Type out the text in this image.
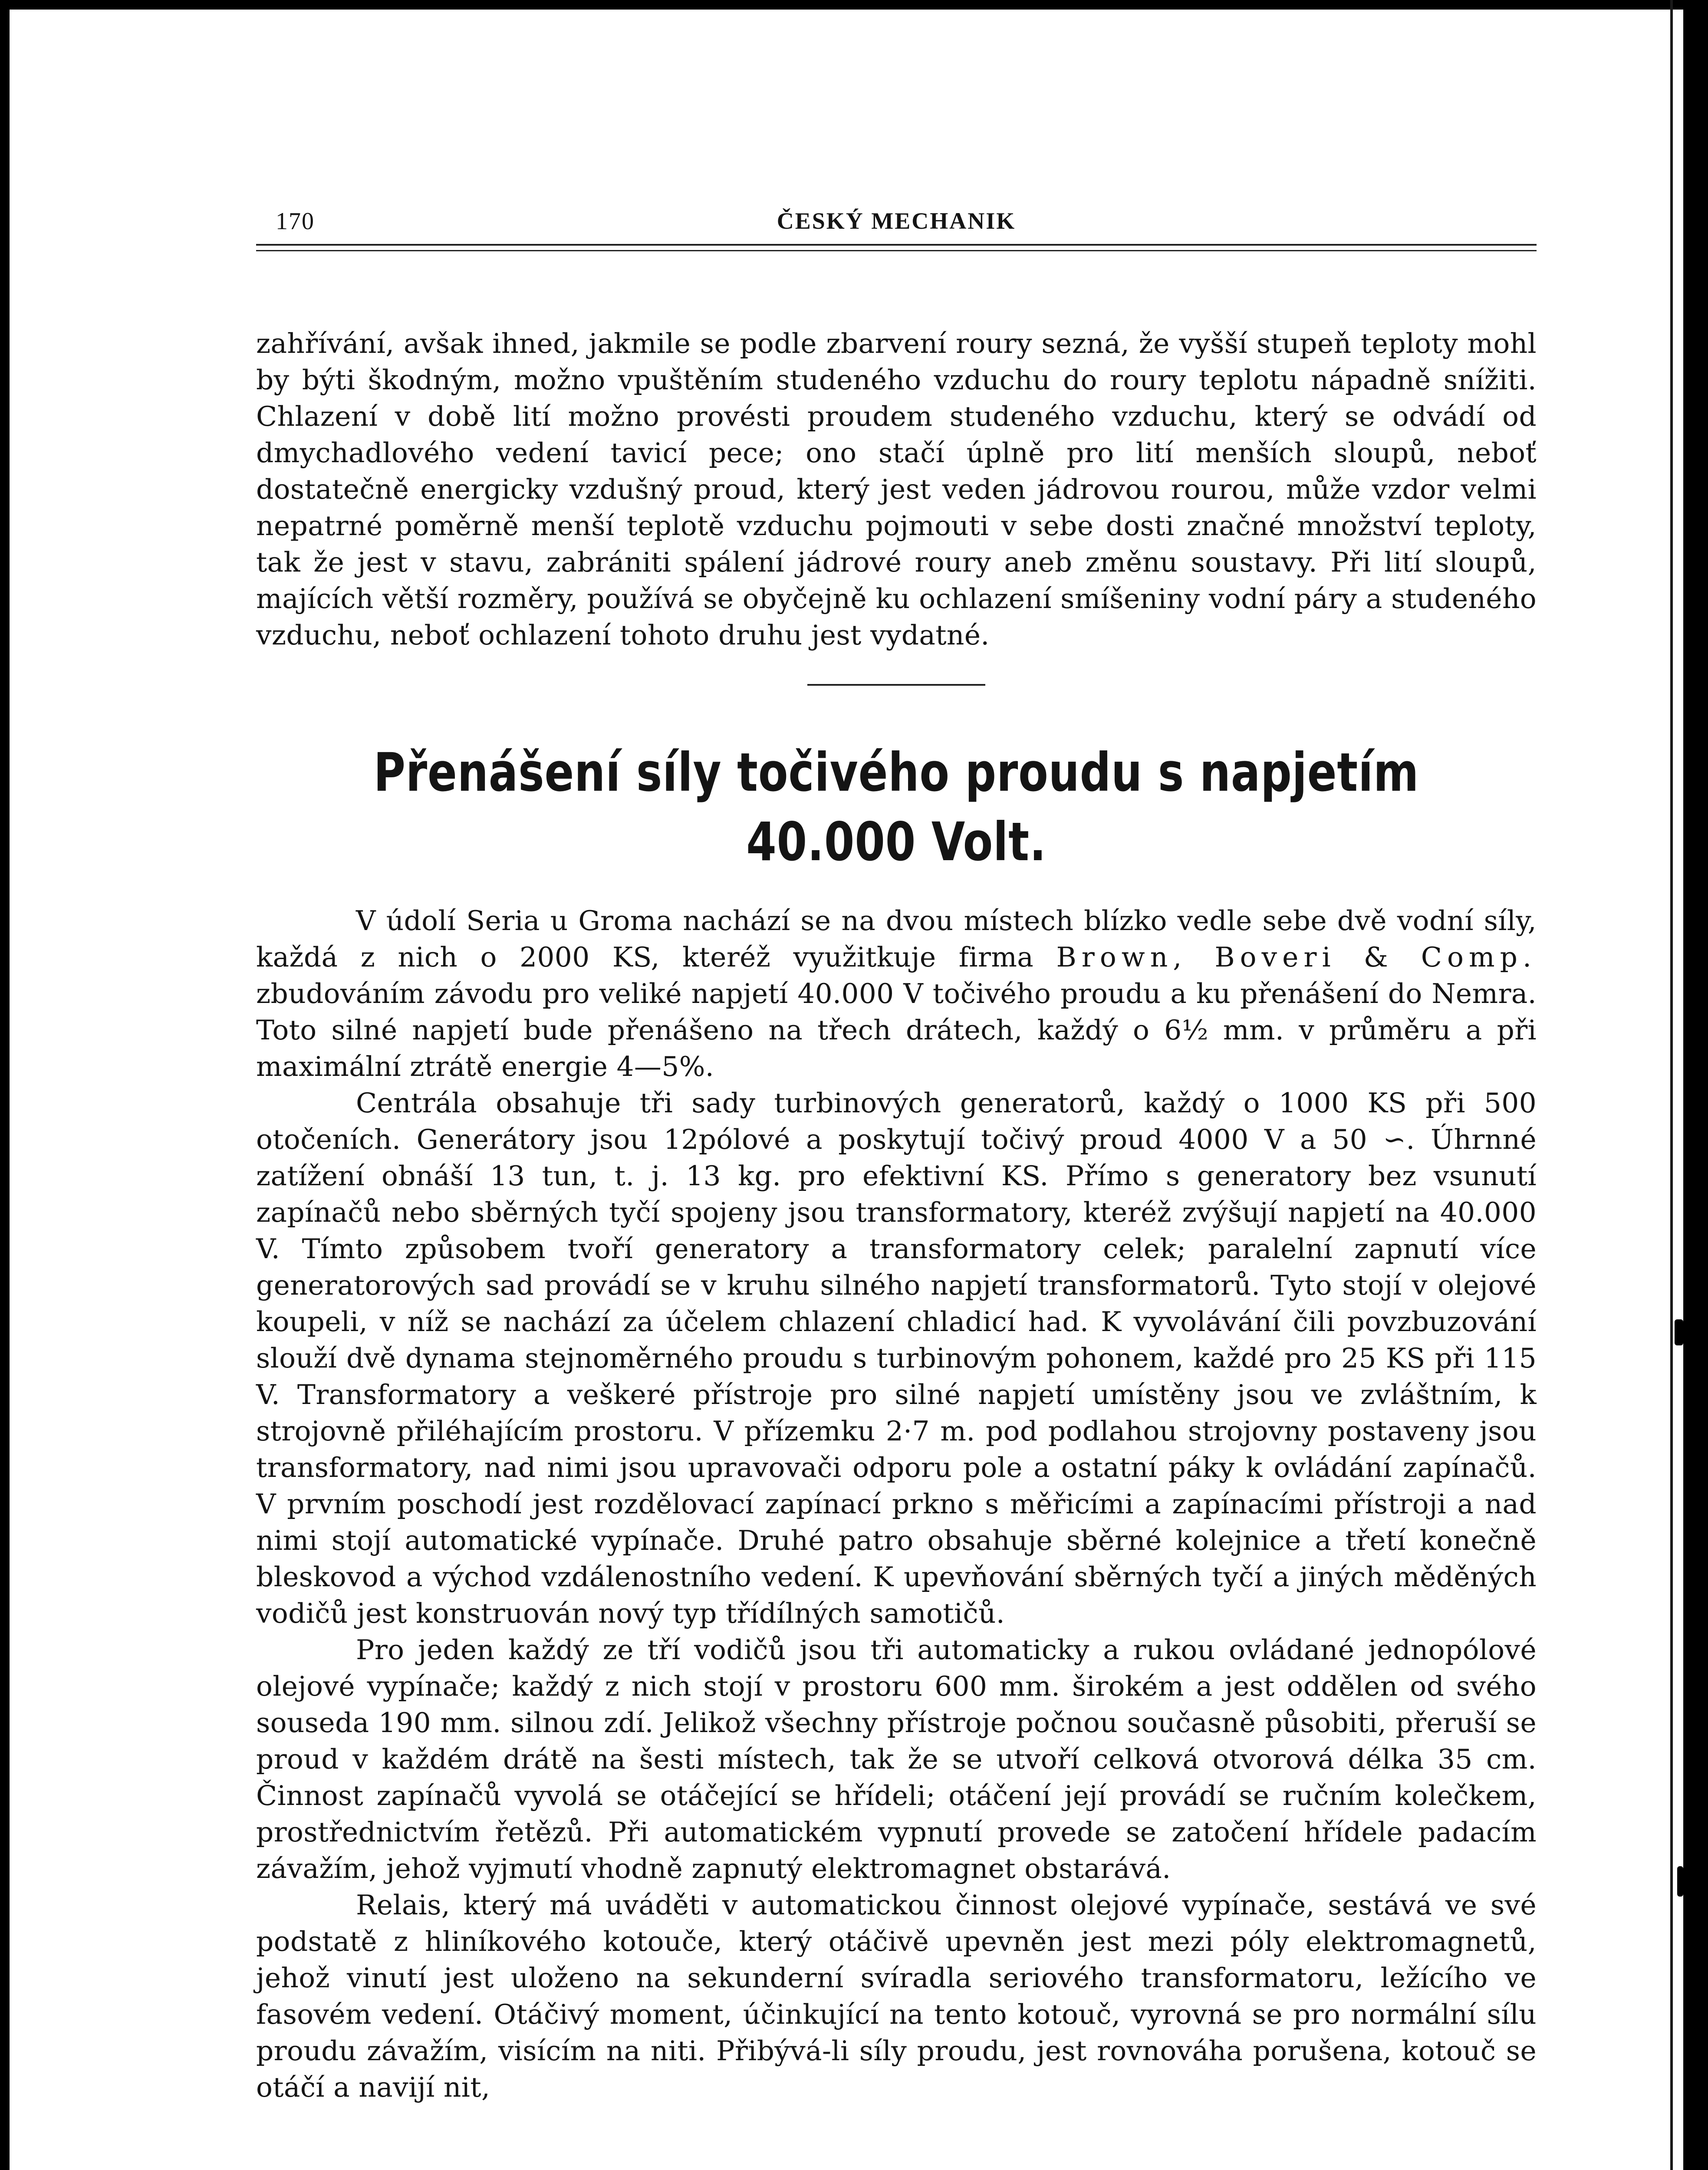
170	ČESKÝ MECHANIK

zahřívání, avšak ihned, jakmile se podle zbarvení roury sezná, že vyšší stupeň teploty mohl by býti škodným, možno vpuštěním studeného vzduchu do roury teplotu nápadně snížiti. Chlazení v době lití možno provésti proudem studeného vzduchu, který se odvádí od dmychadlového vedení tavicí pece; ono stačí úplně pro lití menších sloupů, neboť dostatečně energicky vzdušný proud, který jest veden jádrovou rourou, může vzdor velmi nepatrné poměrně menší teplotě vzduchu pojmouti v sebe dosti značné množství teploty, tak že jest v stavu, zabrániti spálení jádrové roury aneb změnu soustavy. Při lití sloupů, majících větší rozměry, používá se obyčejně ku ochlazení smíšeniny vodní páry a studeného vzduchu, neboť ochlazení tohoto druhu jest vydatné.

Přenášení síly točivého proudu s napjetím
40.000 Volt.

V údolí Seria u Groma nachází se na dvou místech blízko vedle sebe dvě vodní síly, každá z nich o 2000 KS, kteréž využitkuje firma Brown, Boveri & Comp. zbudováním závodu pro veliké napjetí 40.000 V točivého proudu a ku přenášení do Nemra. Toto silné napjetí bude přenášeno na třech drátech, každý o 6½ mm. v průměru a při maximální ztrátě energie 4—5%.

Centrála obsahuje tři sady turbinových generatorů, každý o 1000 KS při 500 otočeních. Generátory jsou 12pólové a poskytují točivý proud 4000 V a 50 ∽. Úhrnné zatížení obnáší 13 tun, t. j. 13 kg. pro efektivní KS. Přímo s generatory bez vsunutí zapínačů nebo sběrných tyčí spojeny jsou transformatory, kteréž zvýšují napjetí na 40.000 V. Tímto způsobem tvoří generatory a transformatory celek; paralelní zapnutí více generatorových sad provádí se v kruhu silného napjetí transformatorů. Tyto stojí v olejové koupeli, v níž se nachází za účelem chlazení chladicí had. K vyvolávání čili povzbuzování slouží dvě dynama stejnoměrného proudu s turbinovým pohonem, každé pro 25 KS při 115 V. Transformatory a veškeré přístroje pro silné napjetí umístěny jsou ve zvláštním, k strojovně přiléhajícím prostoru. V přízemku 2·7 m. pod podlahou strojovny postaveny jsou transformatory, nad nimi jsou upravovači odporu pole a ostatní páky k ovládání zapínačů. V prvním poschodí jest rozdělovací zapínací prkno s měřicími a zapínacími přístroji a nad nimi stojí automatické vypínače. Druhé patro obsahuje sběrné kolejnice a třetí konečně bleskovod a východ vzdálenostního vedení. K upevňování sběrných tyčí a jiných měděných vodičů jest konstruován nový typ třídílných samotičů.

Pro jeden každý ze tří vodičů jsou tři automaticky a rukou ovládané jednopólové olejové vypínače; každý z nich stojí v prostoru 600 mm. širokém a jest oddělen od svého souseda 190 mm. silnou zdí. Jelikož všechny přístroje počnou současně působiti, přeruší se proud v každém drátě na šesti místech, tak že se utvoří celková otvorová délka 35 cm. Činnost zapínačů vyvolá se otáčející se hřídeli; otáčení její provádí se ručním kolečkem, prostřednictvím řetězů. Při automatickém vypnutí provede se zatočení hřídele padacím závažím, jehož vyjmutí vhodně zapnutý elektromagnet obstarává.

Relais, který má uváděti v automatickou činnost olejové vypínače, sestává ve své podstatě z hliníkového kotouče, který otáčivě upevněn jest mezi póly elektromagnetů, jehož vinutí jest uloženo na sekunderní svíradla seriového transformatoru, ležícího ve fasovém vedení. Otáčivý moment, účinkující na tento kotouč, vyrovná se pro normální sílu proudu závažím, visícím na niti. Přibývá-li síly proudu, jest rovnováha porušena, kotouč se otáčí a navijí nit,
